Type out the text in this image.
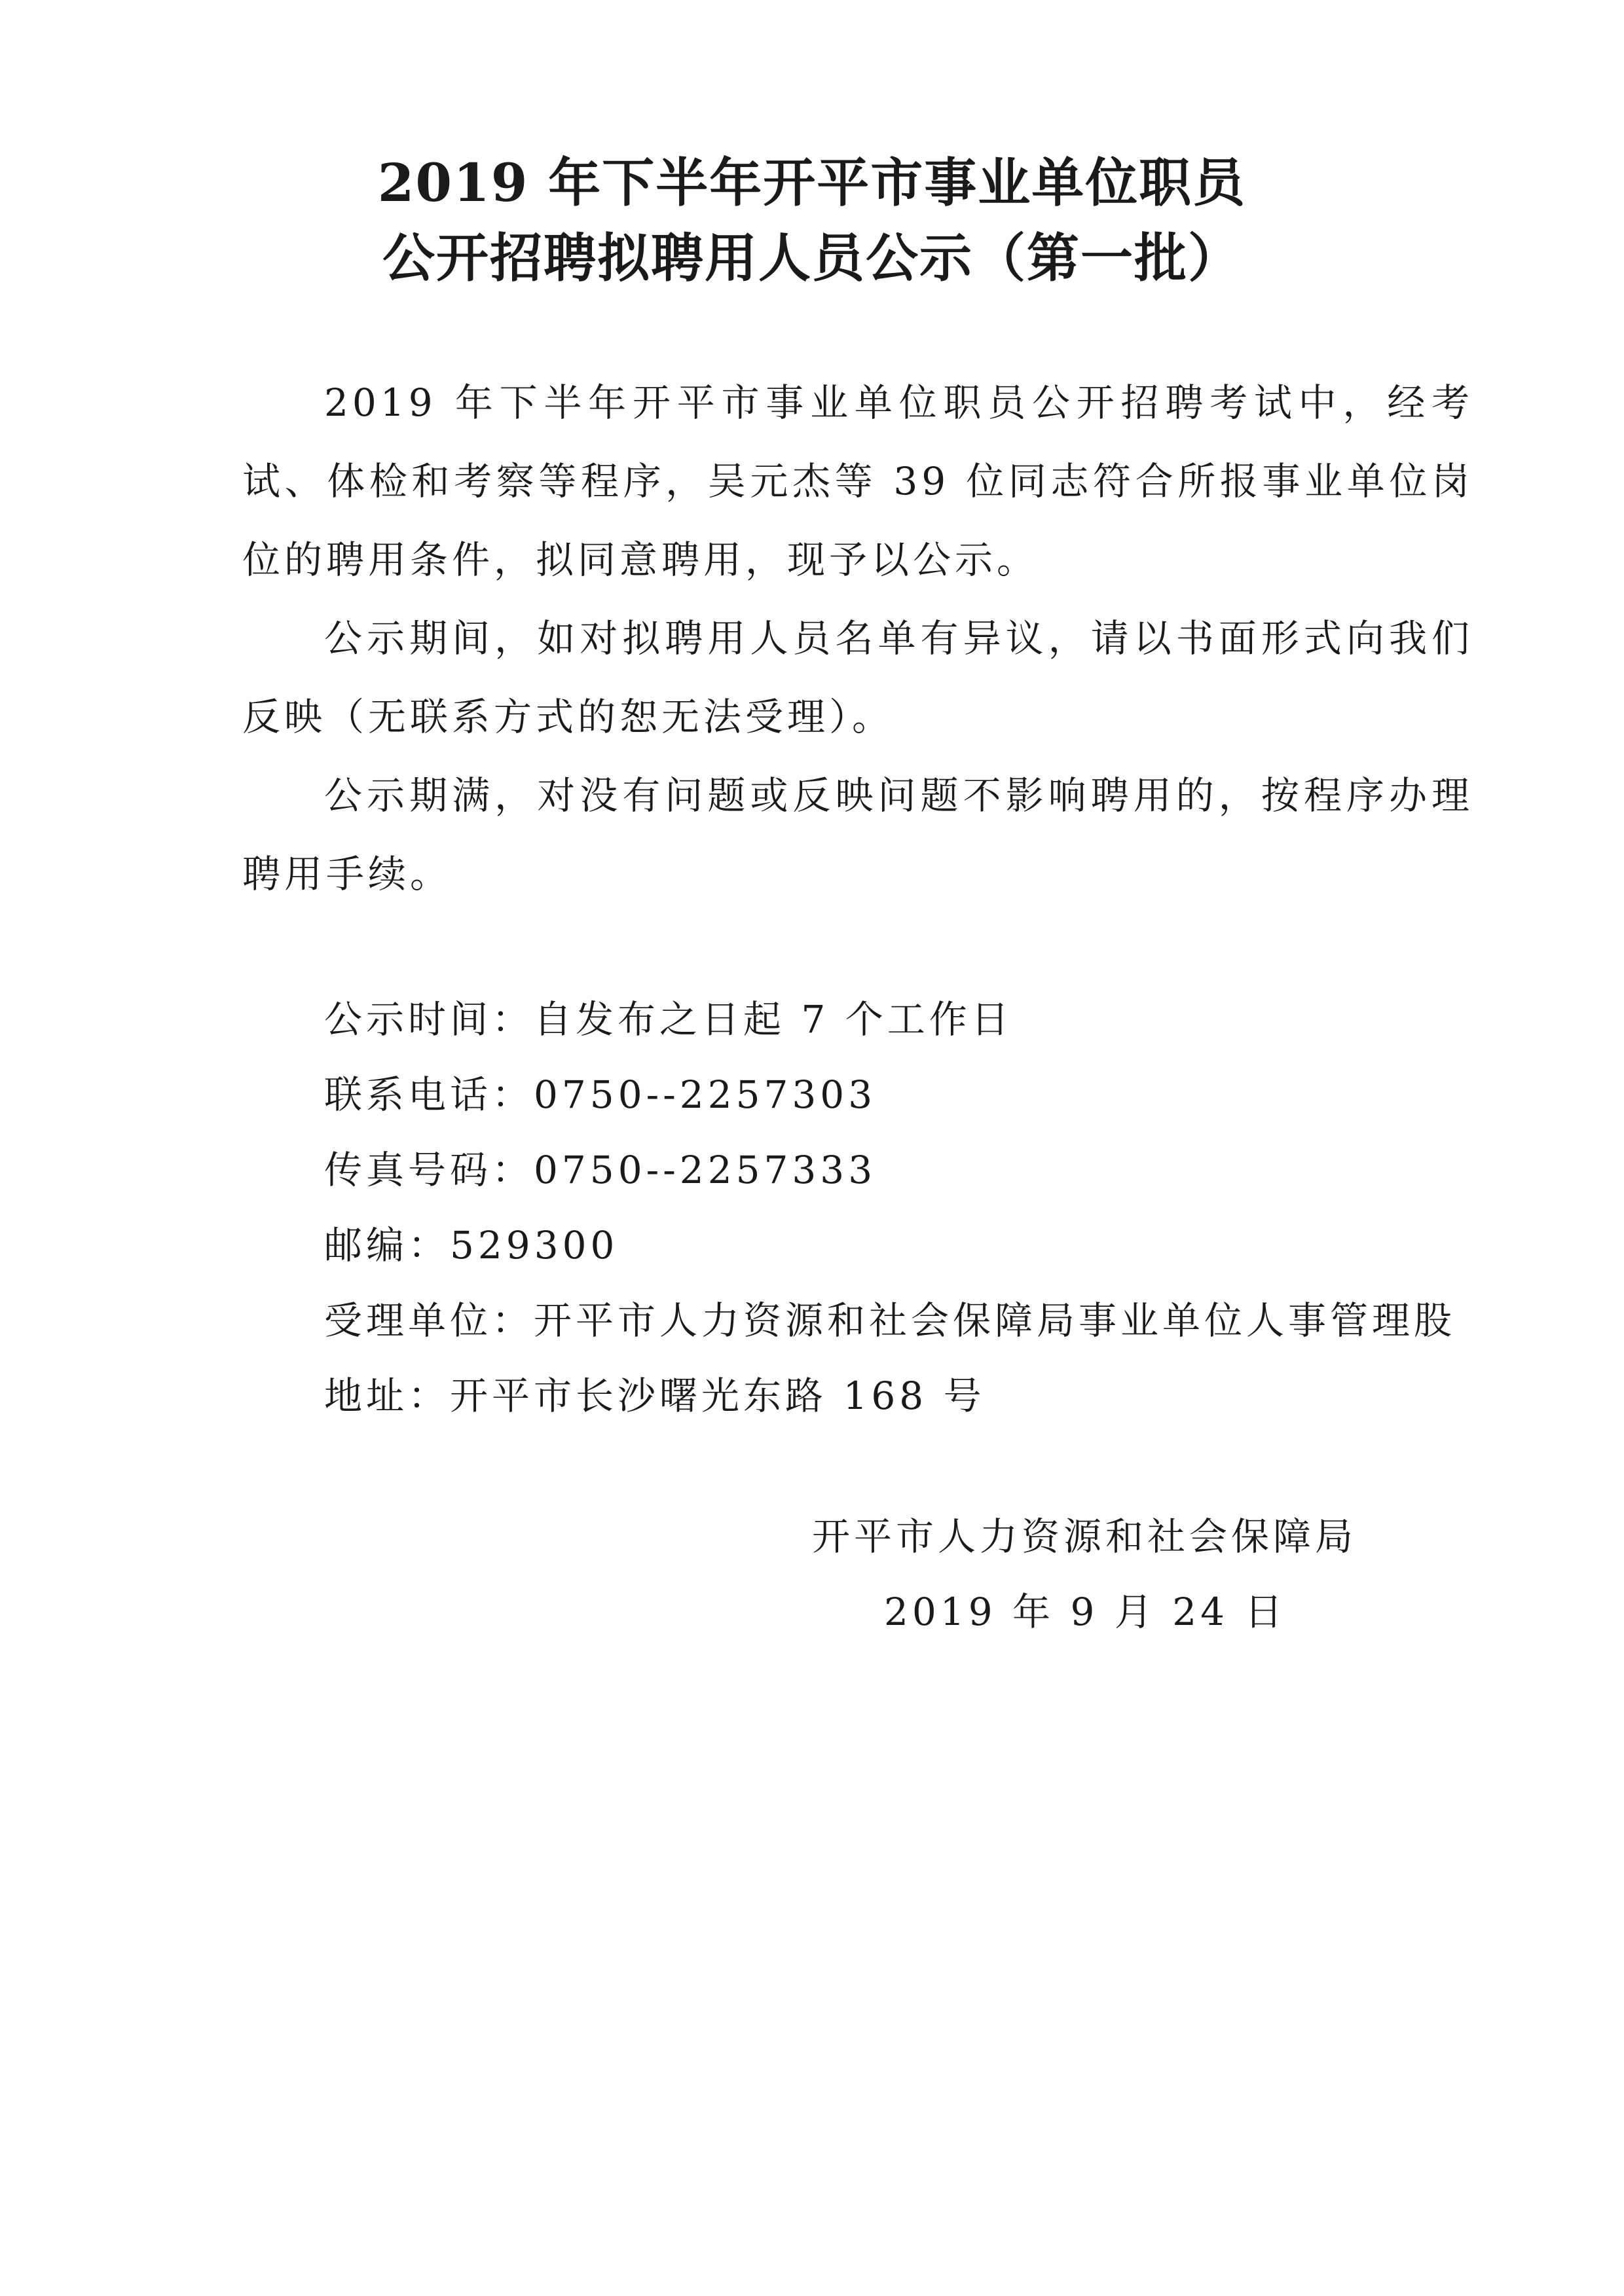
2019 年下半年开平市事业单位职员
公开招聘拟聘用人员公示（第一批）
2019 年下半年开平市事业单位职员公开招聘考试中，经考试、体检和考察等程序，吴元杰等 39 位同志符合所报事业单位岗位的聘用条件，拟同意聘用，现予以公示。
公示期间，如对拟聘用人员名单有异议，请以书面形式向我们反映（无联系方式的恕无法受理）。
公示期满，对没有问题或反映问题不影响聘用的，按程序办理聘用手续。
公示时间：自发布之日起 7 个工作日
联系电话：0750--2257303
传真号码：0750--2257333
邮编：529300
受理单位：开平市人力资源和社会保障局事业单位人事管理股
地址：开平市长沙曙光东路 168 号
开平市人力资源和社会保障局
2019 年 9 月 24 日
